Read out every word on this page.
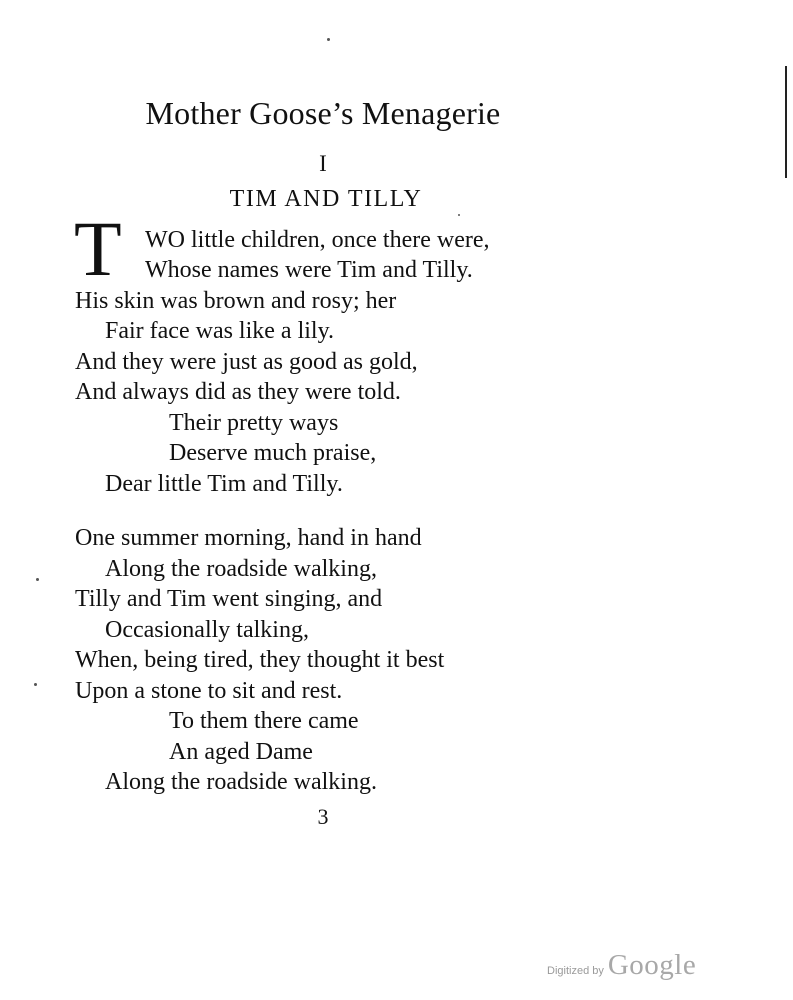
Mother Goose’s Menagerie
I
TIM AND TILLY
T WO little children, once there were,
Whose names were Tim and Tilly.
His skin was brown and rosy; her
Fair face was like a lily.
And they were just as good as gold,
And always did as they were told.
Their pretty ways
Deserve much praise,
Dear little Tim and Tilly.
One summer morning, hand in hand
Along the roadside walking,
Tilly and Tim went singing, and
Occasionally talking,
When, being tired, they thought it best
Upon a stone to sit and rest.
To them there came
An aged Dame
Along the roadside walking.
3
Digitized by Google
